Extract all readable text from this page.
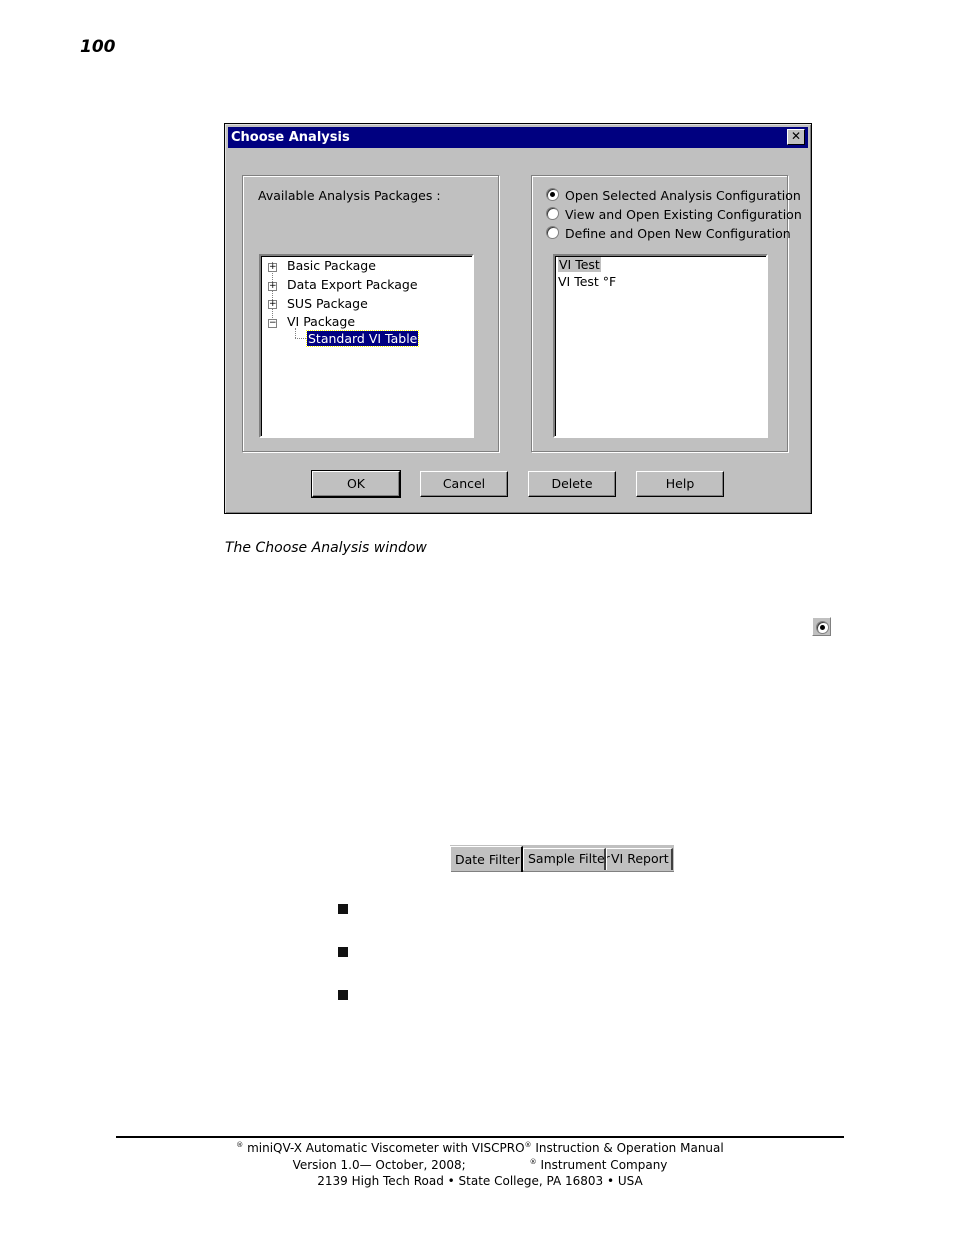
100
Choose Analysis	✕
Available Analysis Packages :
+ Basic Package
+ Data Export Package
+ SUS Package
− VI Package
Standard VI Table
Open Selected Analysis Configuration
View and Open Existing Configuration
Define and Open New Configuration
VI Test
VI Test °F
OK	Cancel	Delete	Help
The Choose Analysis window
Date Filter Sample Filter VI Report
® miniQV-X Automatic Viscometer with VISCPRO® Instruction & Operation Manual
Version 1.0— October, 2008;	® Instrument Company
2139 High Tech Road • State College, PA 16803 • USA
